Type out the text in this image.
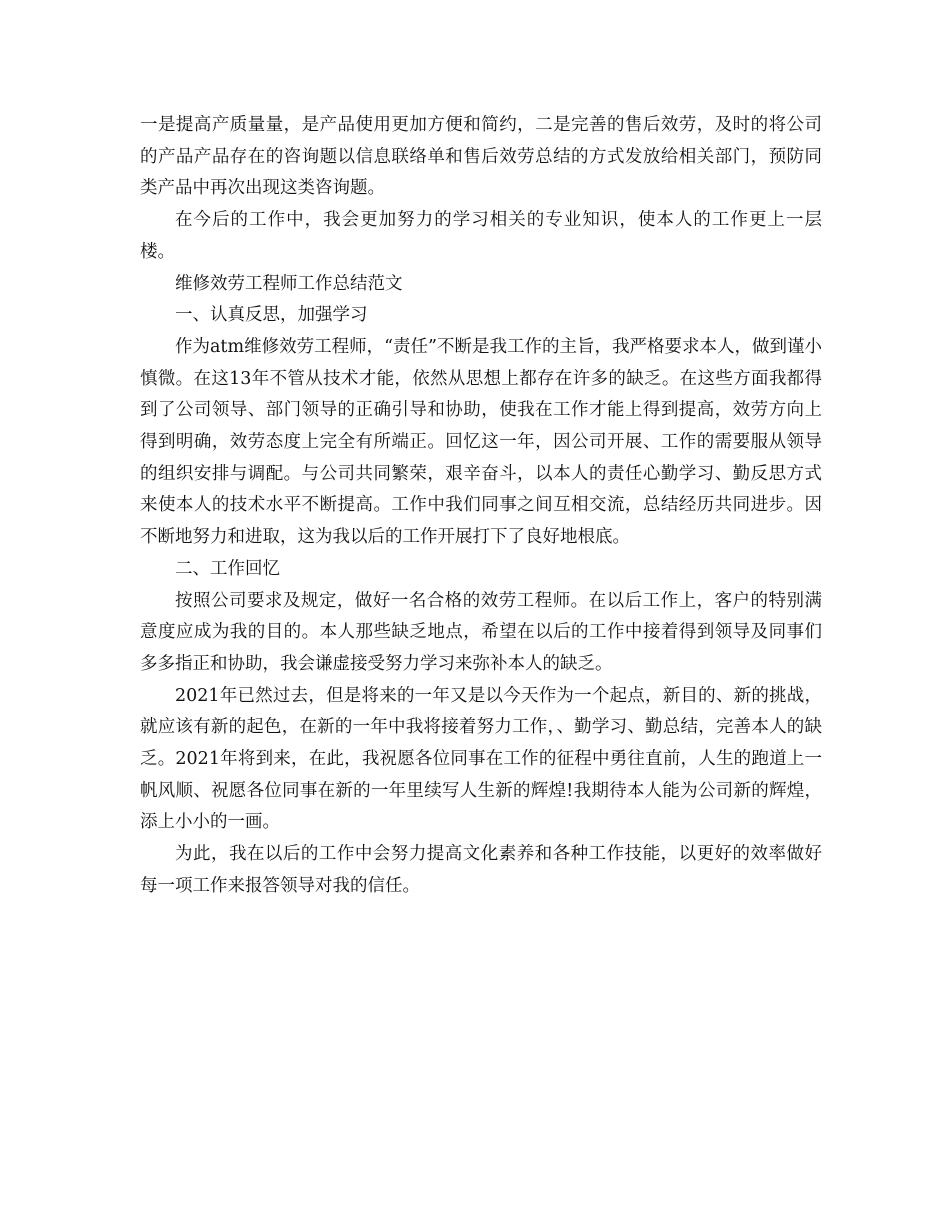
一是提高产质量量，是产品使用更加方便和简约，二是完善的售后效劳，及时的将公司的产品产品存在的咨询题以信息联络单和售后效劳总结的方式发放给相关部门，预防同类产品中再次出现这类咨询题。

在今后的工作中，我会更加努力的学习相关的专业知识，使本人的工作更上一层楼。

维修效劳工程师工作总结范文

一、认真反思，加强学习

作为atm维修效劳工程师，“责任”不断是我工作的主旨，我严格要求本人，做到谨小慎微。在这13年不管从技术才能，依然从思想上都存在许多的缺乏。在这些方面我都得到了公司领导、部门领导的正确引导和协助，使我在工作才能上得到提高，效劳方向上得到明确，效劳态度上完全有所端正。回忆这一年，因公司开展、工作的需要服从领导的组织安排与调配。与公司共同繁荣，艰辛奋斗，以本人的责任心勤学习、勤反思方式来使本人的技术水平不断提高。工作中我们同事之间互相交流，总结经历共同进步。因不断地努力和进取，这为我以后的工作开展打下了良好地根底。

二、工作回忆

按照公司要求及规定，做好一名合格的效劳工程师。在以后工作上，客户的特别满意度应成为我的目的。本人那些缺乏地点，希望在以后的工作中接着得到领导及同事们多多指正和协助，我会谦虚接受努力学习来弥补本人的缺乏。

2021年已然过去，但是将来的一年又是以今天作为一个起点，新目的、新的挑战，就应该有新的起色，在新的一年中我将接着努力工作，、勤学习、勤总结，完善本人的缺乏。2021年将到来，在此，我祝愿各位同事在工作的征程中勇往直前，人生的跑道上一帆风顺、祝愿各位同事在新的一年里续写人生新的辉煌!我期待本人能为公司新的辉煌，添上小小的一画。

为此，我在以后的工作中会努力提高文化素养和各种工作技能，以更好的效率做好每一项工作来报答领导对我的信任。
